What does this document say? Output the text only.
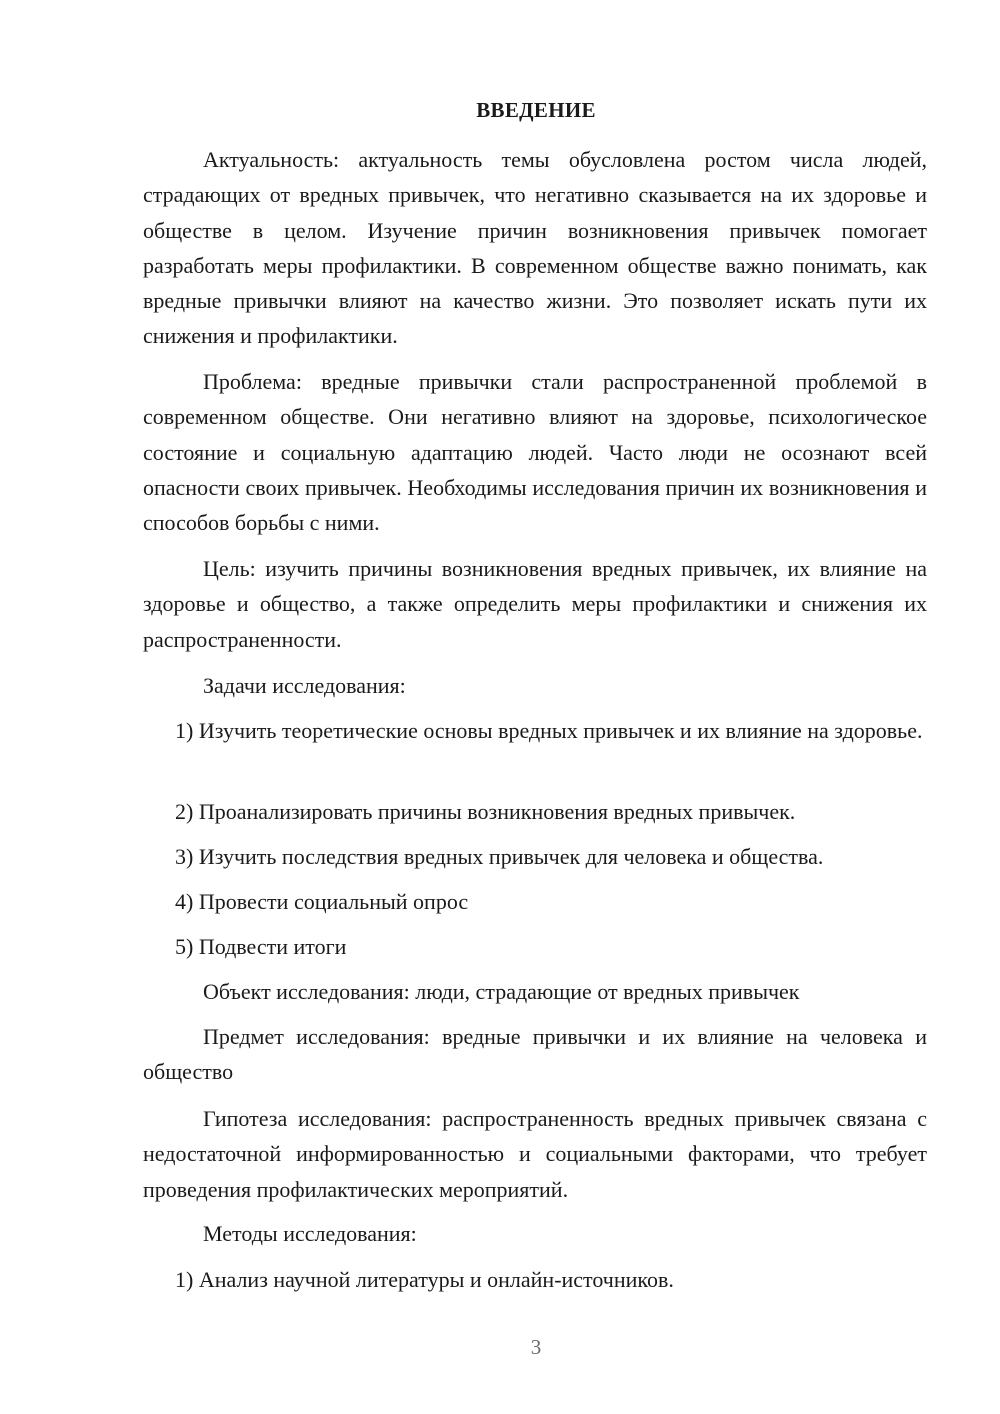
ВВЕДЕНИЕ

Актуальность: актуальность темы обусловлена ростом числа людей, страдающих от вредных привычек, что негативно сказывается на их здоровье и обществе в целом. Изучение причин возникновения привычек помогает разработать меры профилактики. В современном обществе важно понимать, как вредные привычки влияют на качество жизни. Это позволяет искать пути их снижения и профилактики.

Проблема: вредные привычки стали распространенной проблемой в современном обществе. Они негативно влияют на здоровье, психологическое состояние и социальную адаптацию людей. Часто люди не осознают всей опасности своих привычек. Необходимы исследования причин их возникновения и способов борьбы с ними.

Цель: изучить причины возникновения вредных привычек, их влияние на здоровье и общество, а также определить меры профилактики и снижения их распространенности.

Задачи исследования:

1) Изучить теоретические основы вредных привычек и их влияние на здоровье.

2) Проанализировать причины возникновения вредных привычек.

3) Изучить последствия вредных привычек для человека и общества.

4) Провести социальный опрос

5) Подвести итоги

Объект исследования: люди, страдающие от вредных привычек

Предмет исследования: вредные привычки и их влияние на человека и общество

Гипотеза исследования: распространенность вредных привычек связана с недостаточной информированностью и социальными факторами, что требует проведения профилактических мероприятий.

Методы исследования:

1) Анализ научной литературы и онлайн-источников.

3
